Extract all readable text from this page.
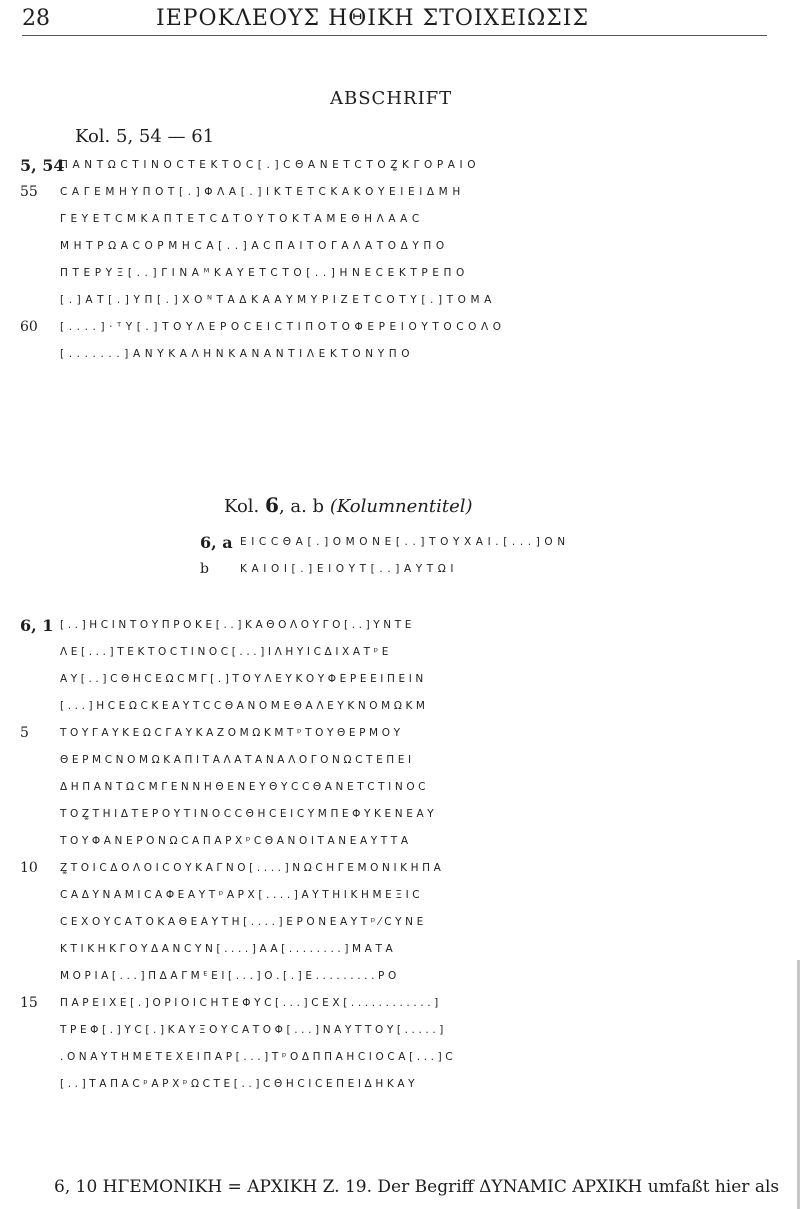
28	ΙΕΡΟΚΛΕΟΥΣ ΗΘΙΚΗ ΣΤΟΙΧΕΙΩΣΙΣ
ABSCHRIFT
Kol. 5, 54 — 61
5, 54
ΠΑΝΤΩϹΤΙΝΟϹΤΕΚΤΟϹ[.]ϹΘΑΝΕΤϹΤΟΖ͚ΚΓΟΡΑΙΟ
55	ϹΑΓΕΜΗΥΠΟΤ[.]ΦΛΑ[.]ΙΚΤΕΤϹΚΑΚΟΥΕΙΕΙΔΜΗ
ΓΕΥΕΤϹΜΚΑΠΤΕΤϹΔΤΟΥΤΟΚΤΑΜΕΘΗΛΑΑϹ
ΜΗΤΡΩΑϹΟΡΜΗϹΑ[..]ΑϹΠΑΙΤΟΓΑΛΑΤΟΔΥΠΟ
ΠΤΕΡΥΞ[..]ΓΙΝΑᴹΚΑΥΕΤϹΤΟ[..]ΗΝΕϹΕΚΤΡΕΠΟ
[.]ΑΤ[.]ΥΠ[.]ΧΟᴺΤΑΔΚΑΑΥΜΥΡΙΖΕΤϹΟΤΥ[.]ΤΟΜΑ
60	[....]·ᵀΥ[.]ΤΟΥΛΕΡΟϹΕΙϹΤΙΠΟΤΟΦΕΡΕΙΟΥΤΟϹΟΛΟ
[.......]ΑΝΥΚΑΛΗΝΚΑΝΑΝΤΙΛΕΚΤΟΝΥΠΟ
Kol. 6, a. b (Kolumnentitel)
6, a ΕΙϹϹΘΑ[.]ΟΜΟΝΕ[..]ΤΟΥΧΑΙ.[...]ΟΝ
b	ΚΑΙΟΙ[.]ΕΙΟΥΤ[..]ΑΥΤΩΙ
6, 1 [..]ΗϹΙΝΤΟΥΠΡΟΚΕ[..]ΚΑΘΟΛΟΥΓΟ[..]ΥΝΤΕ
ΛΕ[...]ΤΕΚΤΟϹΤΙΝΟϹ[...]ΙΛΗΥΙϹΔΙΧΑΤᵖΕ
ΑΥ[..]ϹΘΗϹΕΩϹΜΓ[.]ΤΟΥΛΕΥΚΟΥΦΕΡΕΕΙΠΕΙΝ
[...]ΗϹΕΩϹΚΕΑΥΤϹϹΘΑΝΟΜΕΘΑΛΕΥΚΝΟΜΩΚΜ
5	ΤΟΥΓΑΥΚΕΩϹΓΑΥΚΑΖΟΜΩΚΜΤᵖΤΟΥΘΕΡΜΟΥ
ΘΕΡΜϹΝΟΜΩΚΑΠΙΤΑΛΑΤΑΝΑΛΟΓΟΝΩϹΤΕΠΕΙ
ΔΗΠΑΝΤΩϹΜΓΕΝΝΗΘΕΝΕΥΘΥϹϹΘΑΝΕΤϹΤΙΝΟϹ
ΤΟΖ͚ΤΗΙΔΤΕΡΟΥΤΙΝΟϹϹΘΗϹΕΙϹΥΜΠΕΦΥΚΕΝΕΑΥ
ΤΟΥΦΑΝΕΡΟΝΩϹΑΠΑΡΧᵖϹΘΑΝΟΙΤΑΝΕΑΥΤΤΑ
10	Ζ͚ΤΟΙϹΔΟΛΟΙϹΟΥΚΑΓΝΟ[....]ΝΩϹΗΓΕΜΟΝΙΚΗΠΑ
ϹΑΔΥΝΑΜΙϹΑΦΕΑΥΤᵖΑΡΧ[....]ΑΥΤΗΙΚΗΜΕΞΙϹ
ϹΕΧΟΥϹΑΤΟΚΑΘΕΑΥΤΗ[....]ΕΡΟΝΕΑΥΤᵖ⁄ϹΥΝΕ
ΚΤΙΚΗΚΓΟΥΔΑΝϹΥΝ[....]ΑΑ[........]ΜΑΤΑ
ΜΟΡΙΑ[...]ΠΔΑΓΜᴱΕΙ[...]Ο.[.]Ε.........ΡΟ
15	ΠΑΡΕΙΧΕ[.]ΟΡΙΟΙϹΗΤΕΦΥϹ[...]ϹΕΧ[............]
ΤΡΕΦ[.]ΥϹ[.]ΚΑΥΞΟΥϹΑΤΟΦ[...]ΝΑΥΤΤΟΥ[.....]
.ΟΝΑΥΤΗΜΕΤΕΧΕΙΠΑΡ[...]ΤᵖΟΔΠΠΑΗϹΙΟϹΑ[...]Ϲ
[..]ΤΑΠΑϹᵖΑΡΧᵖΩϹΤΕ[..]ϹΘΗϹΙϹΕΠΕΙΔΗΚΑΥ
6, 10 ΗΓΕΜΟΝΙΚΗ = ΑΡΧΙΚΗ Z. 19. Der Begriff ΔΥΝΑΜΙϹ ΑΡΧΙΚΗ umfaßt hier als
